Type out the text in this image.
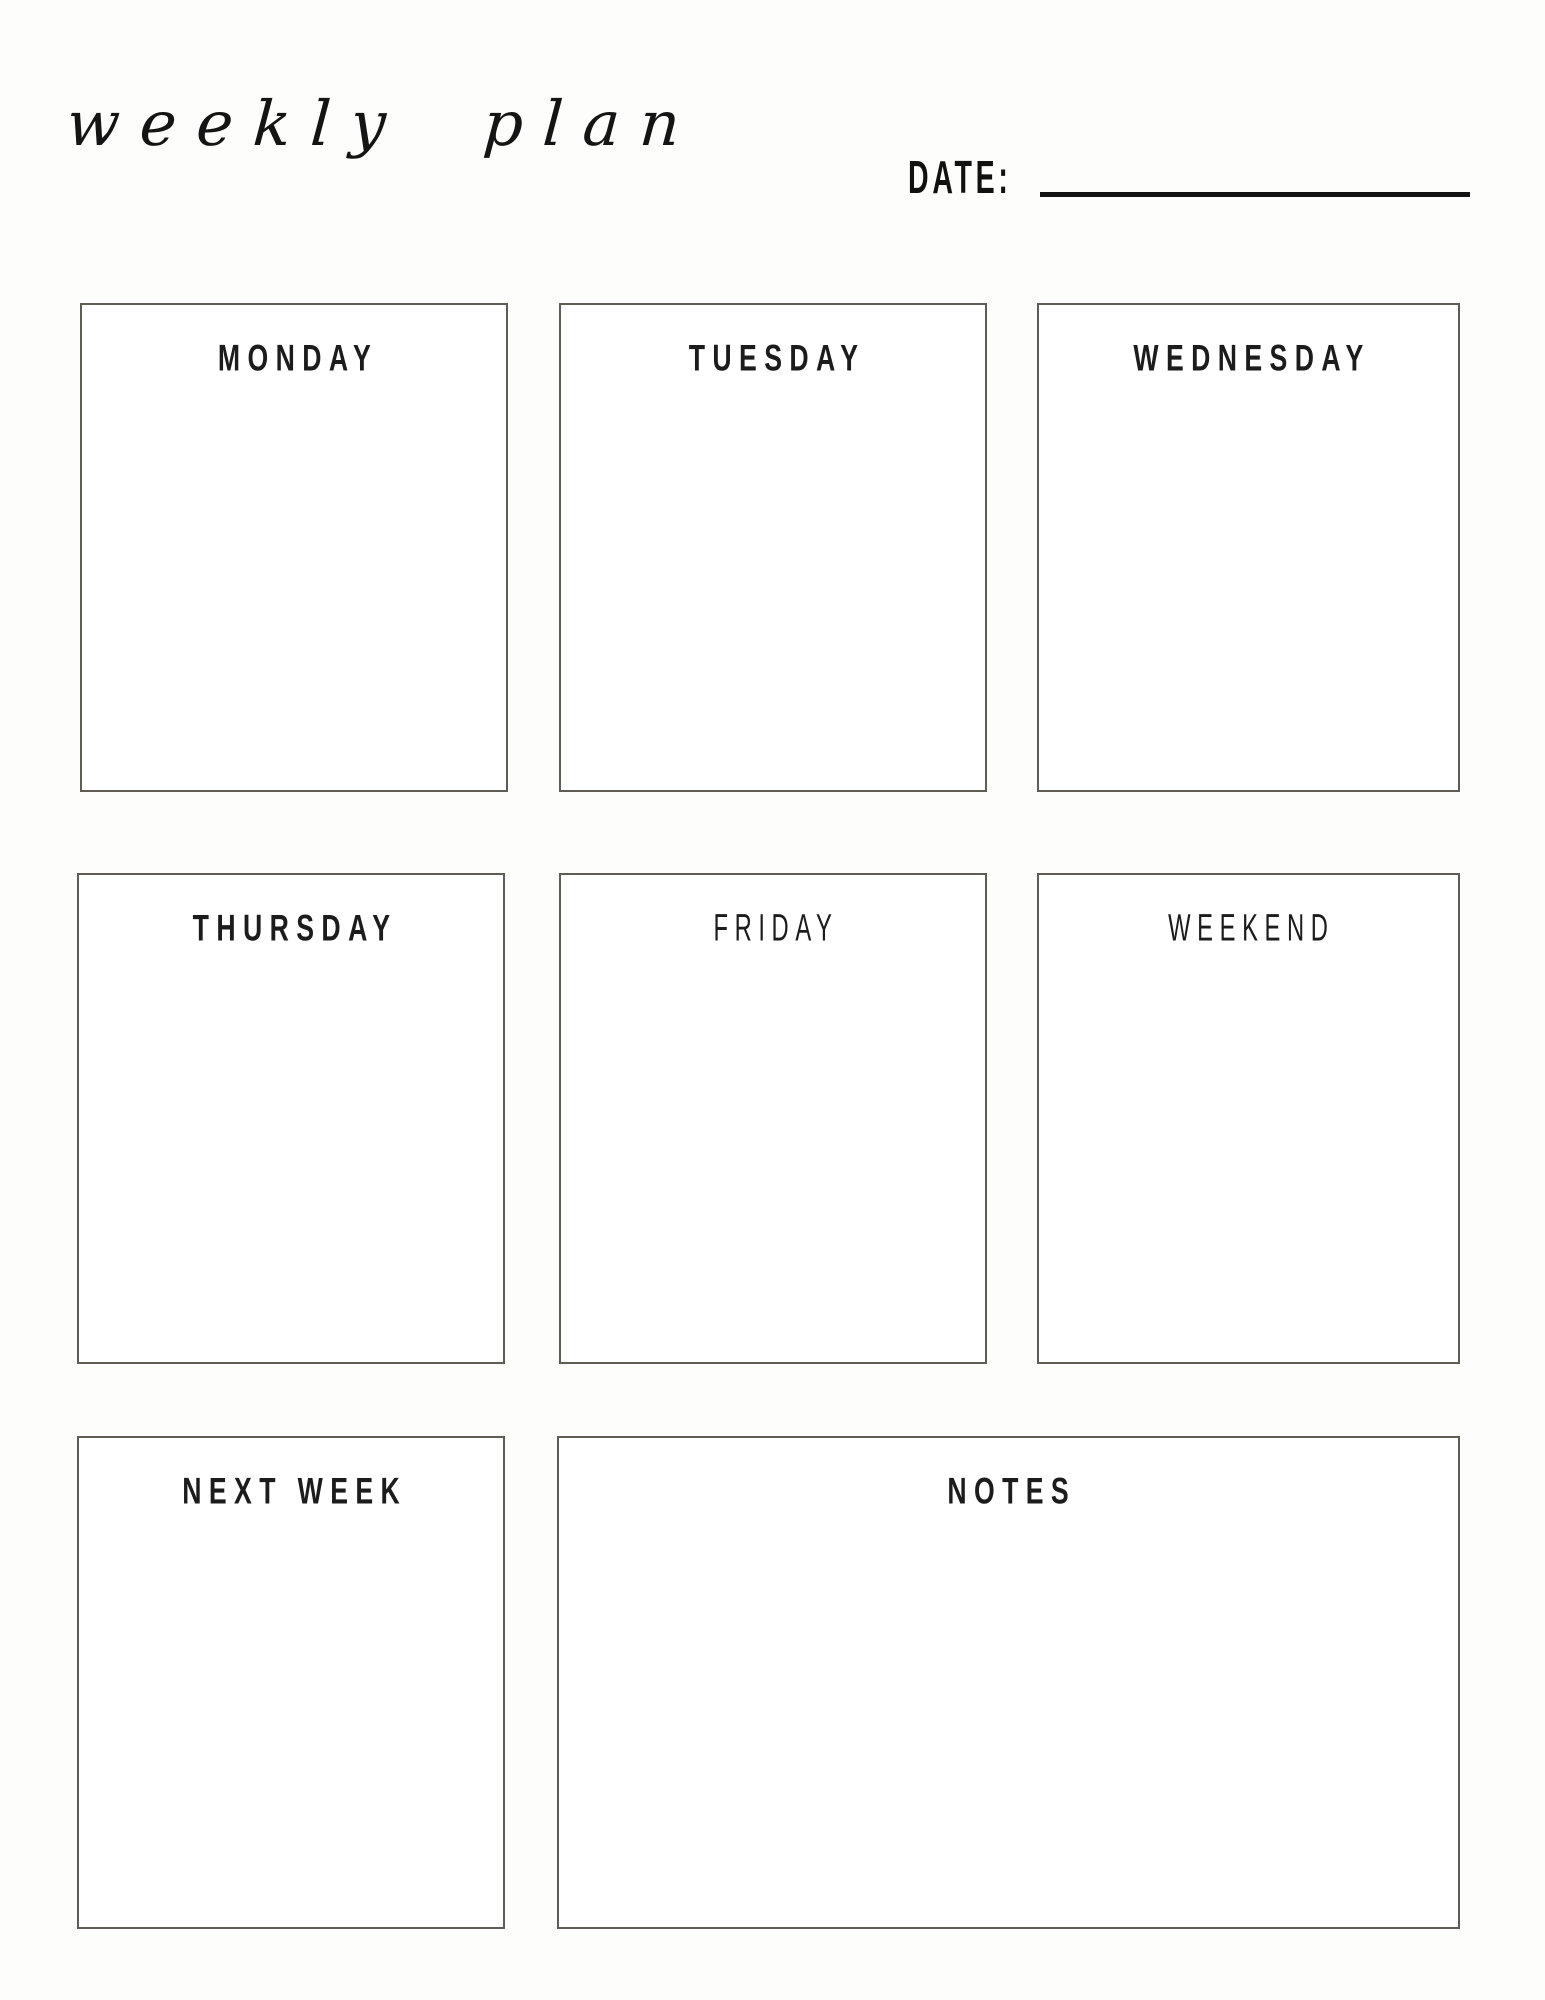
weekly plan
DATE:
MONDAY	TUESDAY	WEDNESDAY
THURSDAY	FRIDAY	WEEKEND
NEXT WEEK	NOTES
